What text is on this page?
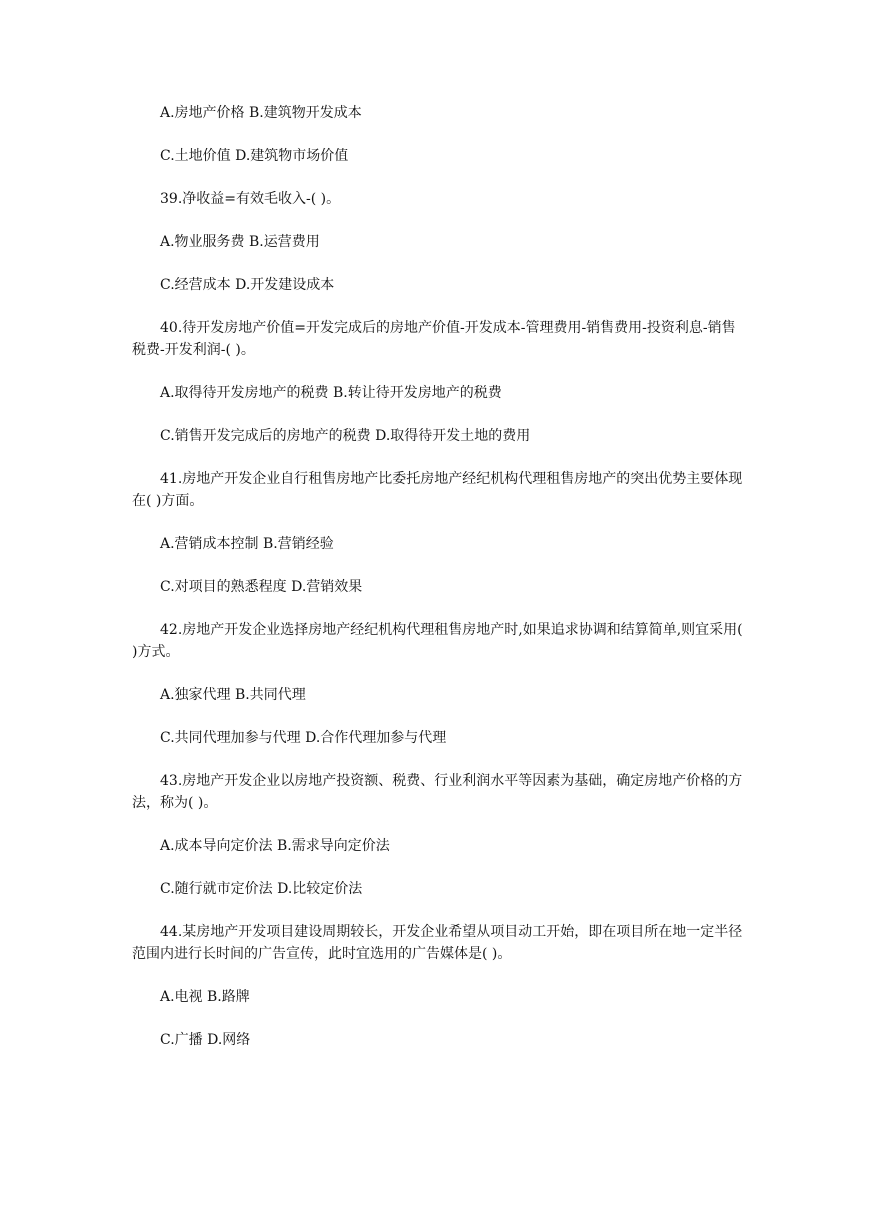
A.房地产价格 B.建筑物开发成本

C.土地价值 D.建筑物市场价值

39.净收益=有效毛收入-( )。

A.物业服务费 B.运营费用

C.经营成本 D.开发建设成本

40.待开发房地产价值=开发完成后的房地产价值-开发成本-管理费用-销售费用-投资利息-销售税费-开发利润-( )。

A.取得待开发房地产的税费 B.转让待开发房地产的税费

C.销售开发完成后的房地产的税费 D.取得待开发土地的费用

41.房地产开发企业自行租售房地产比委托房地产经纪机构代理租售房地产的突出优势主要体现在( )方面。

A.营销成本控制 B.营销经验

C.对项目的熟悉程度 D.营销效果

42.房地产开发企业选择房地产经纪机构代理租售房地产时,如果追求协调和结算简单,则宜采用( )方式。

A.独家代理 B.共同代理

C.共同代理加参与代理 D.合作代理加参与代理

43.房地产开发企业以房地产投资额、税费、行业利润水平等因素为基础，确定房地产价格的方法，称为( )。

A.成本导向定价法 B.需求导向定价法

C.随行就市定价法 D.比较定价法

44.某房地产开发项目建设周期较长，开发企业希望从项目动工开始，即在项目所在地一定半径范围内进行长时间的广告宣传，此时宜选用的广告媒体是( )。

A.电视 B.路牌

C.广播 D.网络
